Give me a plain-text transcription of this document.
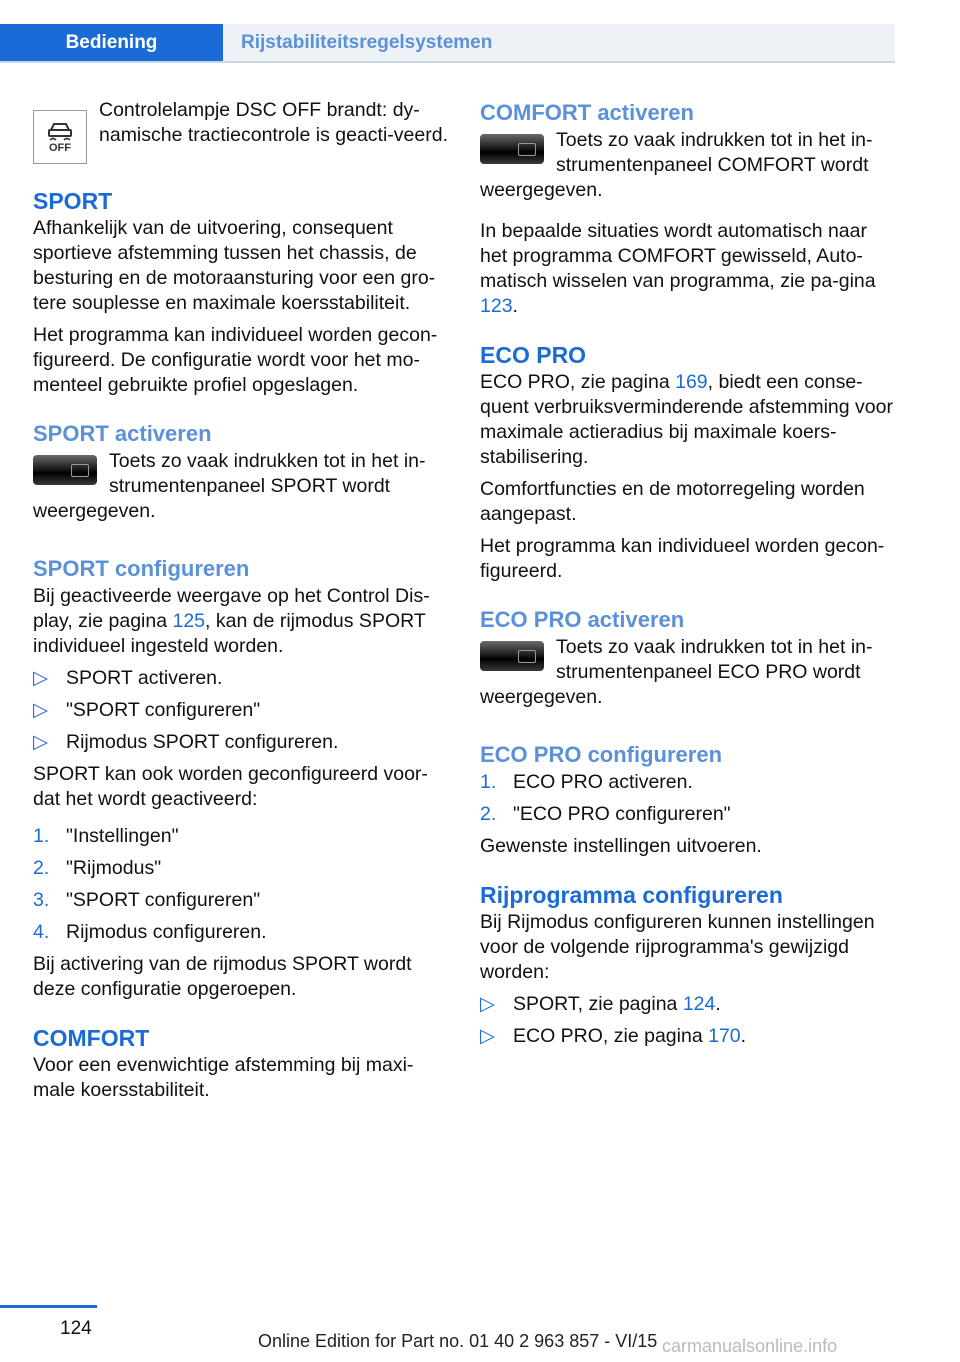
Bediening	Rijstabiliteitsregelsystemen
OFF
Controlelampje DSC OFF brandt: dy-namische tractiecontrole is geacti-veerd.
SPORT

Afhankelijk van de uitvoering, consequent sportieve afstemming tussen het chassis, de besturing en de motoraansturing voor een gro-tere souplesse en maximale koersstabiliteit.

Het programma kan individueel worden gecon-figureerd. De configuratie wordt voor het mo-menteel gebruikte profiel opgeslagen.

SPORT activeren
Toets zo vaak indrukken tot in het in-strumentenpaneel SPORT wordt weergegeven.
SPORT configureren

Bij geactiveerde weergave op het Control Dis-play, zie pagina 125, kan de rijmodus SPORT individueel ingesteld worden.

▷ SPORT activeren.
▷ "SPORT configureren"
▷ Rijmodus SPORT configureren.

SPORT kan ook worden geconfigureerd voor-dat het wordt geactiveerd:

1. "Instellingen"
2. "Rijmodus"
3. "SPORT configureren"
4. Rijmodus configureren.

Bij activering van de rijmodus SPORT wordt deze configuratie opgeroepen.

COMFORT

Voor een evenwichtige afstemming bij maxi-male koersstabiliteit.

COMFORT activeren
Toets zo vaak indrukken tot in het in-strumentenpaneel COMFORT wordt weergegeven.

In bepaalde situaties wordt automatisch naar het programma COMFORT gewisseld, Auto-matisch wisselen van programma, zie pa-gina 123.

ECO PRO

ECO PRO, zie pagina 169, biedt een conse-quent verbruiksverminderende afstemming voor maximale actieradius bij maximale koers-stabilisering.

Comfortfuncties en de motorregeling worden aangepast.

Het programma kan individueel worden gecon-figureerd.

ECO PRO activeren
Toets zo vaak indrukken tot in het in-strumentenpaneel ECO PRO wordt weergegeven.
ECO PRO configureren
1. ECO PRO activeren.
2. "ECO PRO configureren"

Gewenste instellingen uitvoeren.

Rijprogramma configureren

Bij Rijmodus configureren kunnen instellingen voor de volgende rijprogramma's gewijzigd worden:

▷ SPORT, zie pagina 124.
▷ ECO PRO, zie pagina 170.
124
Online Edition for Part no. 01 40 2 963 857 - VI/15 carmanualsonline.info
